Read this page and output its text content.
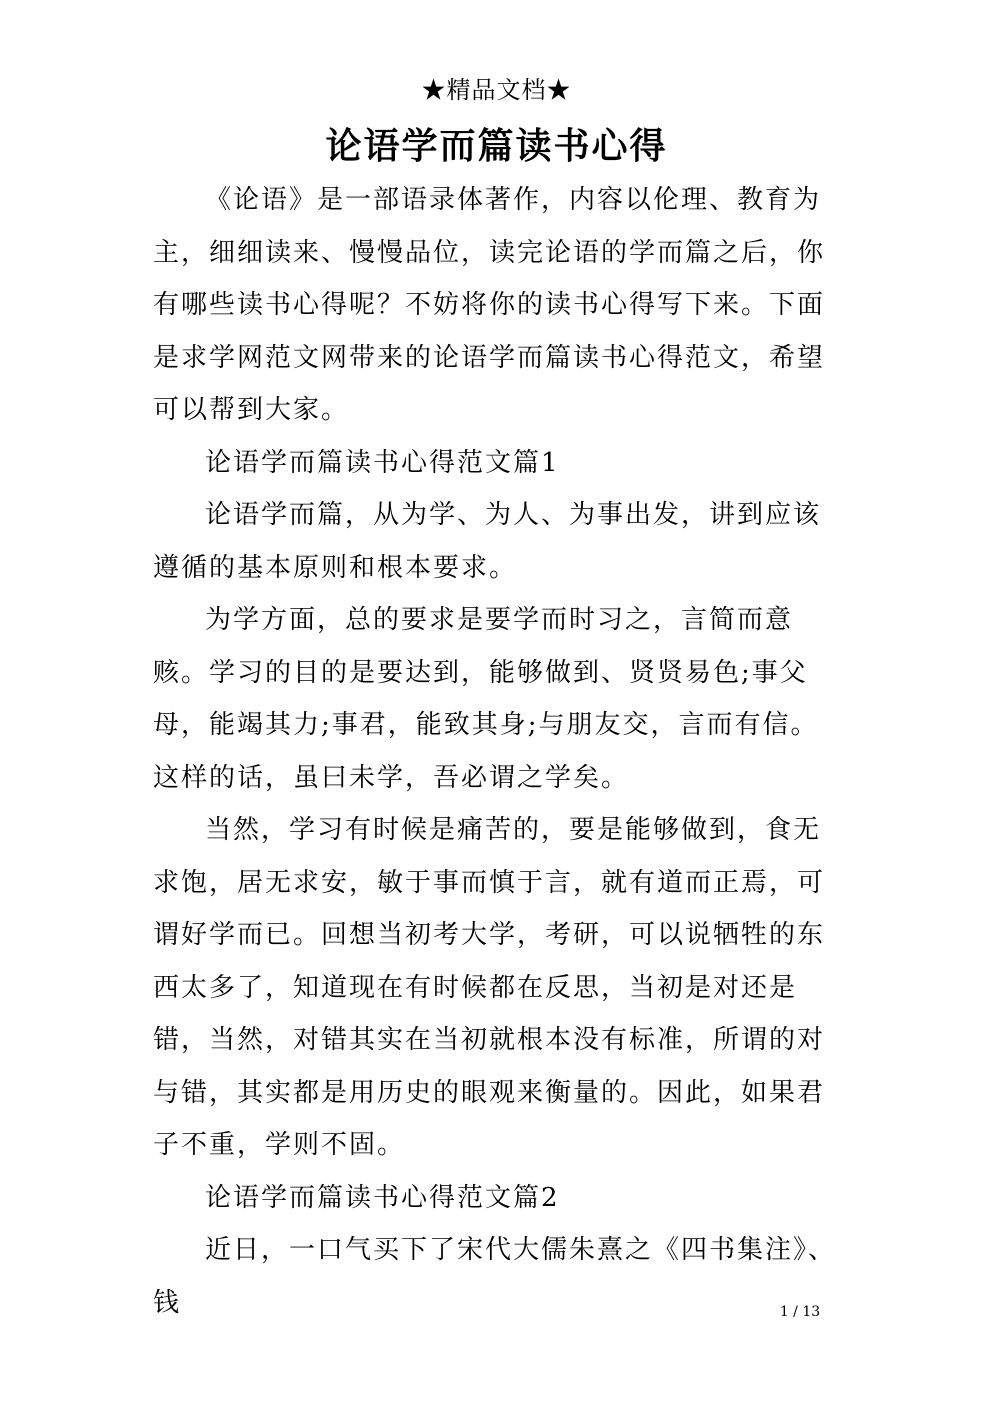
★精品文档★
论语学而篇读书心得

《论语》是一部语录体著作，内容以伦理、教育为主，细细读来、慢慢品位，读完论语的学而篇之后，你有哪些读书心得呢？不妨将你的读书心得写下来。下面是求学网范文网带来的论语学而篇读书心得范文，希望可以帮到大家。

论语学而篇读书心得范文篇1

论语学而篇，从为学、为人、为事出发，讲到应该遵循的基本原则和根本要求。

为学方面，总的要求是要学而时习之，言简而意赅。学习的目的是要达到，能够做到、贤贤易色;事父母，能竭其力;事君，能致其身;与朋友交，言而有信。这样的话，虽曰未学，吾必谓之学矣。

当然，学习有时候是痛苦的，要是能够做到，食无求饱，居无求安，敏于事而慎于言，就有道而正焉，可谓好学而已。回想当初考大学，考研，可以说牺牲的东西太多了，知道现在有时候都在反思，当初是对还是错，当然，对错其实在当初就根本没有标准，所谓的对与错，其实都是用历史的眼观来衡量的。因此，如果君子不重，学则不固。

论语学而篇读书心得范文篇2

近日，一口气买下了宋代大儒朱熹之《四书集注》、钱	1 / 13
